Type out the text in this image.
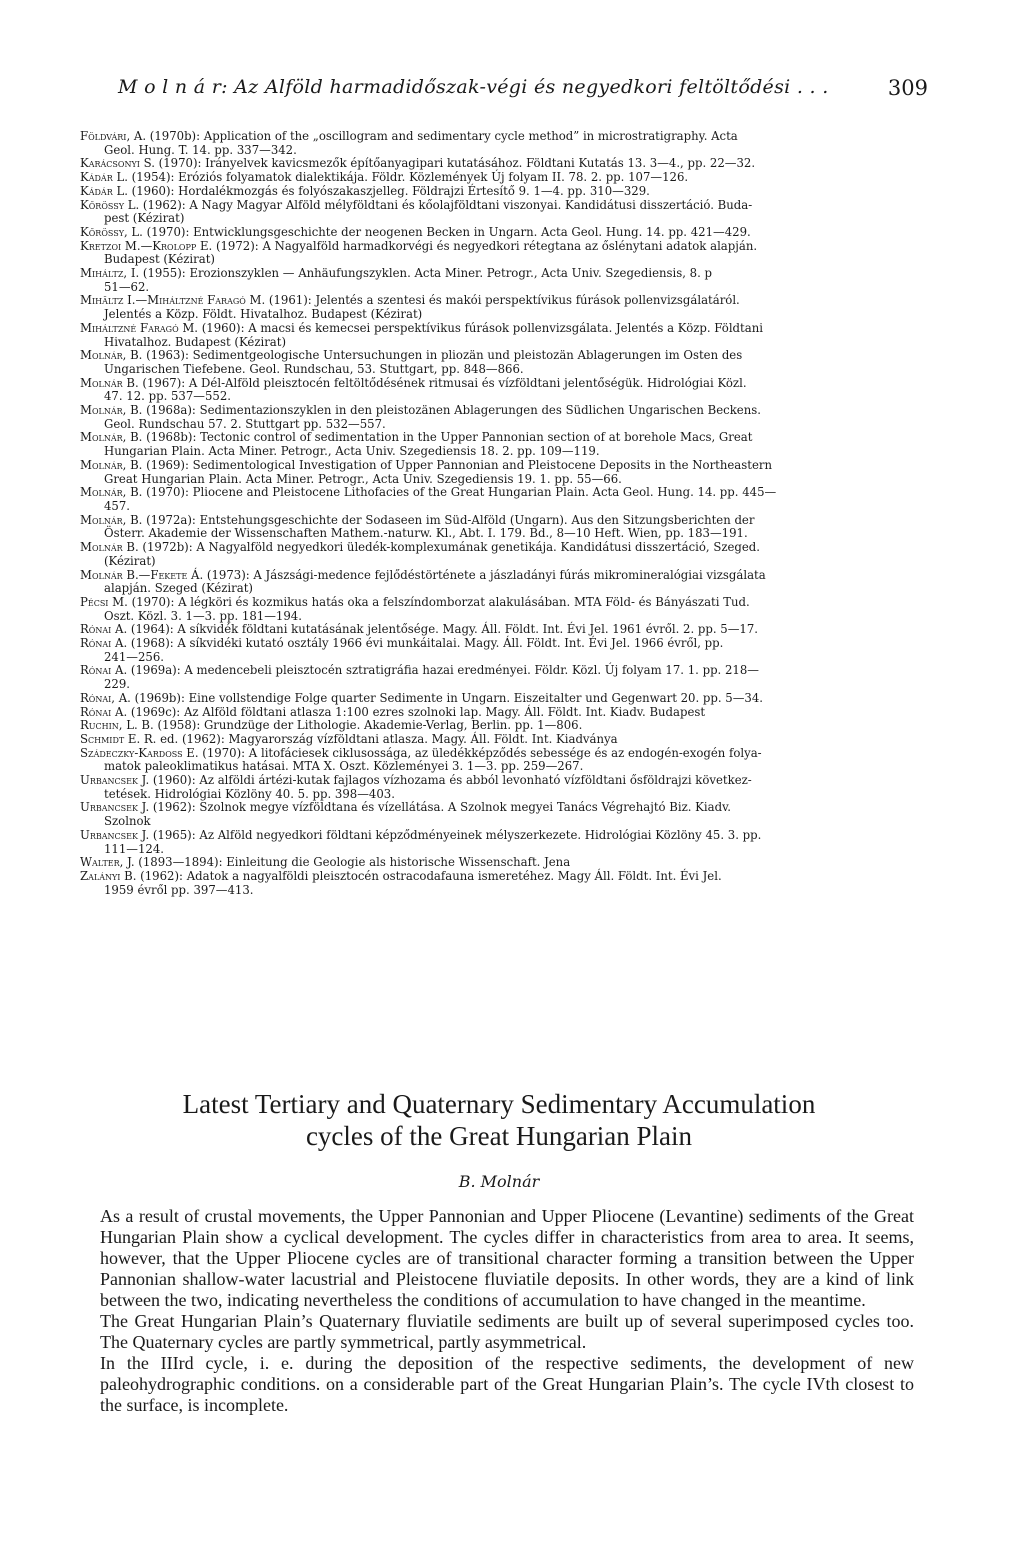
M o l n á r: Az Alföld harmadidőszak-végi és negyedkori feltöltődési . . .	309
Földvári, A. (1970b): Application of the „oscillogram and sedimentary cycle method” in microstratigraphy. Acta
Geol. Hung. T. 14. pp. 337—342.
Karácsonyi S. (1970): Irányelvek kavicsmezők építőanyagipari kutatásához. Földtani Kutatás 13. 3—4., pp. 22—32.
Kádár L. (1954): Eróziós folyamatok dialektikája. Földr. Közlemények Új folyam II. 78. 2. pp. 107—126.
Kádár L. (1960): Hordalékmozgás és folyószakaszjelleg. Földrajzi Értesítő 9. 1—4. pp. 310—329.
Kőrössy L. (1962): A Nagy Magyar Alföld mélyföldtani és kőolajföldtani viszonyai. Kandidátusi disszertáció. Buda-
pest (Kézirat)
Kőrössy, L. (1970): Entwicklungsgeschichte der neogenen Becken in Ungarn. Acta Geol. Hung. 14. pp. 421—429.
Kretzoi M.—Krolopp E. (1972): A Nagyalföld harmadkorvégi és negyedkori rétegtana az őslénytani adatok alapján.
Budapest (Kézirat)
Miháltz, I. (1955): Erozionszyklen — Anhäufungszyklen. Acta Miner. Petrogr., Acta Univ. Szegediensis, 8. p
51—62.
Mihältz I.—Miháltzné Faragó M. (1961): Jelentés a szentesi és makói perspektívikus fúrások pollenvizsgálatáról.
Jelentés a Közp. Földt. Hivatalhoz. Budapest (Kézirat)
Miháltzné Faragó M. (1960): A macsi és kemecsei perspektívikus fúrások pollenvizsgálata. Jelentés a Közp. Földtani
Hivatalhoz. Budapest (Kézirat)
Molnár, B. (1963): Sedimentgeologische Untersuchungen in pliozän und pleistozän Ablagerungen im Osten des
Ungarischen Tiefebene. Geol. Rundschau, 53. Stuttgart, pp. 848—866.
Molnár B. (1967): A Dél-Alföld pleisztocén feltöltődésének ritmusai és vízföldtani jelentőségük. Hidrológiai Közl.
47. 12. pp. 537—552.
Molnár, B. (1968a): Sedimentazionszyklen in den pleistozänen Ablagerungen des Südlichen Ungarischen Beckens.
Geol. Rundschau 57. 2. Stuttgart pp. 532—557.
Molnár, B. (1968b): Tectonic control of sedimentation in the Upper Pannonian section of at borehole Macs, Great
Hungarian Plain. Acta Miner. Petrogr., Acta Univ. Szegediensis 18. 2. pp. 109—119.
Molnár, B. (1969): Sedimentological Investigation of Upper Pannonian and Pleistocene Deposits in the Northeastern
Great Hungarian Plain. Acta Miner. Petrogr., Acta Univ. Szegediensis 19. 1. pp. 55—66.
Molnár, B. (1970): Pliocene and Pleistocene Lithofacies of the Great Hungarian Plain. Acta Geol. Hung. 14. pp. 445—
457.
Molnár, B. (1972a): Entstehungsgeschichte der Sodaseen im Süd-Alföld (Ungarn). Aus den Sitzungsberichten der
Österr. Akademie der Wissenschaften Mathem.-naturw. Kl., Abt. I. 179. Bd., 8—10 Heft. Wien, pp. 183—191.
Molnár B. (1972b): A Nagyalföld negyedkori üledék-komplexumának genetikája. Kandidátusi disszertáció, Szeged.
(Kézirat)
Molnár B.—Fekete Á. (1973): A Jászsági-medence fejlődéstörténete a jászladányi fúrás mikromineralógiai vizsgálata
alapján. Szeged (Kézirat)
Pécsi M. (1970): A légköri és kozmikus hatás oka a felszíndomborzat alakulásában. MTA Föld- és Bányászati Tud.
Oszt. Közl. 3. 1—3. pp. 181—194.
Rónai A. (1964): A síkvidék földtani kutatásának jelentősége. Magy. Áll. Földt. Int. Évi Jel. 1961 évről. 2. pp. 5—17.
Rónai A. (1968): A síkvidéki kutató osztály 1966 évi munkáitalai. Magy. Áll. Földt. Int. Évi Jel. 1966 évről, pp.
241—256.
Rónai A. (1969a): A medencebeli pleisztocén sztratigráfia hazai eredményei. Földr. Közl. Új folyam 17. 1. pp. 218—
229.
Rónai, A. (1969b): Eine vollstendige Folge quarter Sedimente in Ungarn. Eiszeitalter und Gegenwart 20. pp. 5—34.
Rónai A. (1969c): Az Alföld földtani atlasza 1:100 ezres szolnoki lap. Magy. Áll. Földt. Int. Kiadv. Budapest
Ruchin, L. B. (1958): Grundzüge der Lithologie. Akademie-Verlag, Berlin. pp. 1—806.
Schmidt E. R. ed. (1962): Magyarország vízföldtani atlasza. Magy. Áll. Földt. Int. Kiadványa
Szádeczky-Kardoss E. (1970): A litofáciesek ciklusossága, az üledékképződés sebessége és az endogén-exogén folya-
matok paleoklimatikus hatásai. MTA X. Oszt. Közleményei 3. 1—3. pp. 259—267.
Urbancsek J. (1960): Az alföldi ártézi-kutak fajlagos vízhozama és abból levonható vízföldtani ősföldrajzi következ-
tetések. Hidrológiai Közlöny 40. 5. pp. 398—403.
Urbancsek J. (1962): Szolnok megye vízföldtana és vízellátása. A Szolnok megyei Tanács Végrehajtó Biz. Kiadv.
Szolnok
Urbancsek J. (1965): Az Alföld negyedkori földtani képződményeinek mélyszerkezete. Hidrológiai Közlöny 45. 3. pp.
111—124.
Walter, J. (1893—1894): Einleitung die Geologie als historische Wissenschaft. Jena
Zalányi B. (1962): Adatok a nagyalföldi pleisztocén ostracodafauna ismeretéhez. Magy Áll. Földt. Int. Évi Jel.
1959 évről pp. 397—413.
Latest Tertiary and Quaternary Sedimentary Accumulation
cycles of the Great Hungarian Plain
B. Molnár

As a result of crustal movements, the Upper Pannonian and Upper Pliocene (Levantine) sediments of the Great Hungarian Plain show a cyclical development. The cycles differ in characteristics from area to area. It seems, however, that the Upper Pliocene cycles are of transitional character forming a transition between the Upper Pannonian shallow-water lacustrial and Pleistocene fluviatile deposits. In other words, they are a kind of link between the two, indicating nevertheless the conditions of accumulation to have changed in the meantime.

The Great Hungarian Plain’s Quaternary fluviatile sediments are built up of several superimposed cycles too. The Quaternary cycles are partly symmetrical, partly asymmetrical.

In the IIIrd cycle, i. e. during the deposition of the respective sediments, the development of new paleohydrographic conditions. on a considerable part of the Great Hungarian Plain’s. The cycle IVth closest to the surface, is incomplete.
